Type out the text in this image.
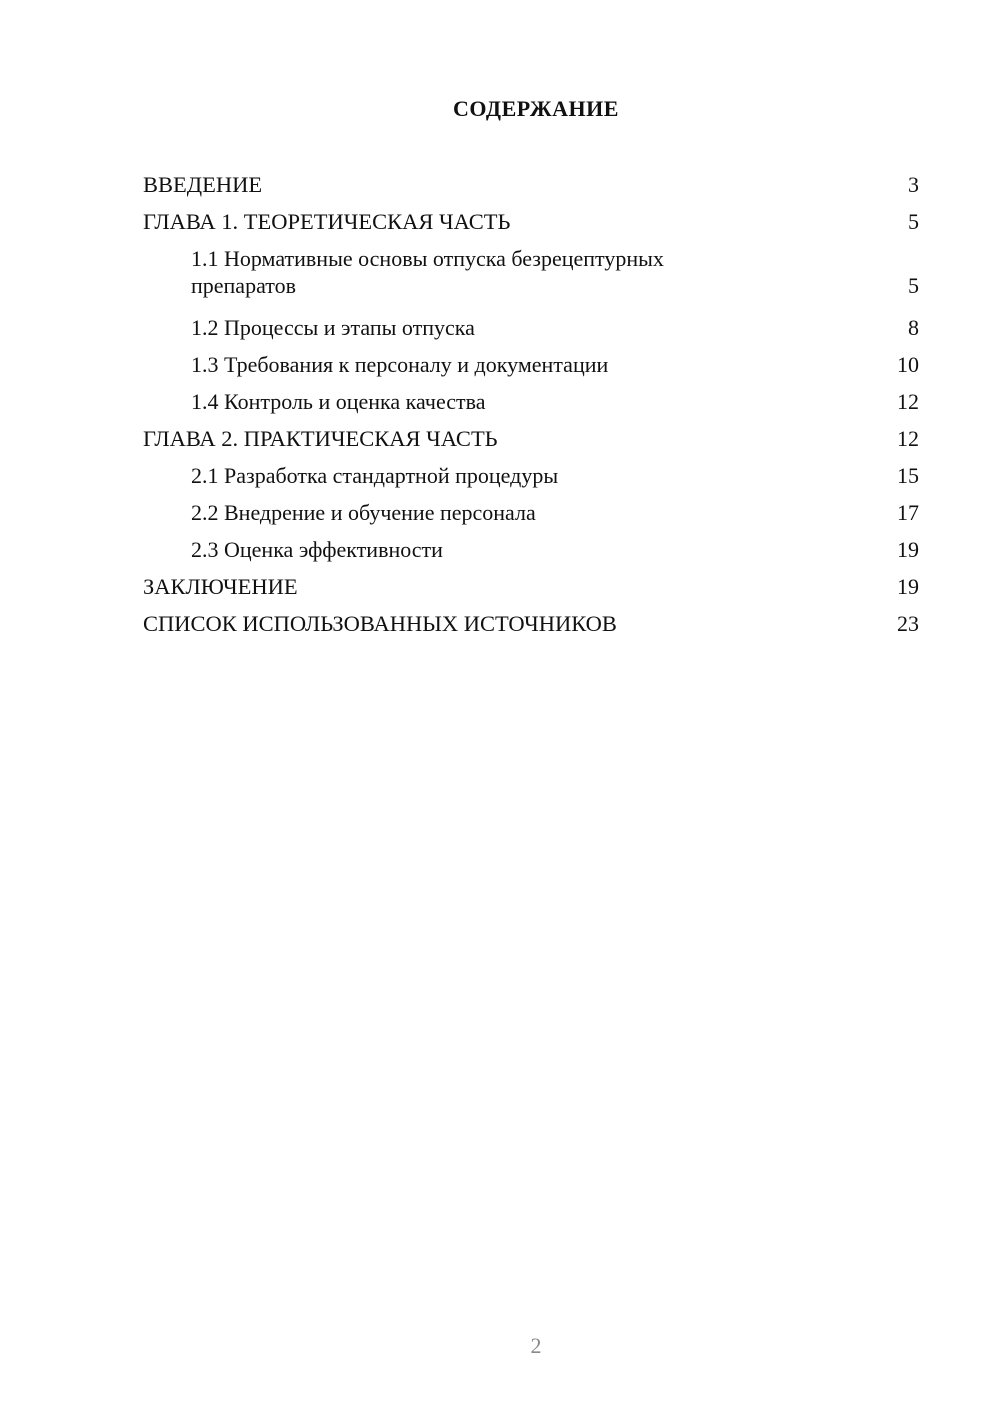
СОДЕРЖАНИЕ
ВВЕДЕНИЕ	3
ГЛАВА 1. ТЕОРЕТИЧЕСКАЯ ЧАСТЬ	5
1.1 Нормативные основы отпуска безрецептурных препаратов	5
1.2 Процессы и этапы отпуска	8
1.3 Требования к персоналу и документации	10
1.4 Контроль и оценка качества	12
ГЛАВА 2. ПРАКТИЧЕСКАЯ ЧАСТЬ	12
2.1 Разработка стандартной процедуры	15
2.2 Внедрение и обучение персонала	17
2.3 Оценка эффективности	19
ЗАКЛЮЧЕНИЕ	19
СПИСОК ИСПОЛЬЗОВАННЫХ ИСТОЧНИКОВ	23
2
